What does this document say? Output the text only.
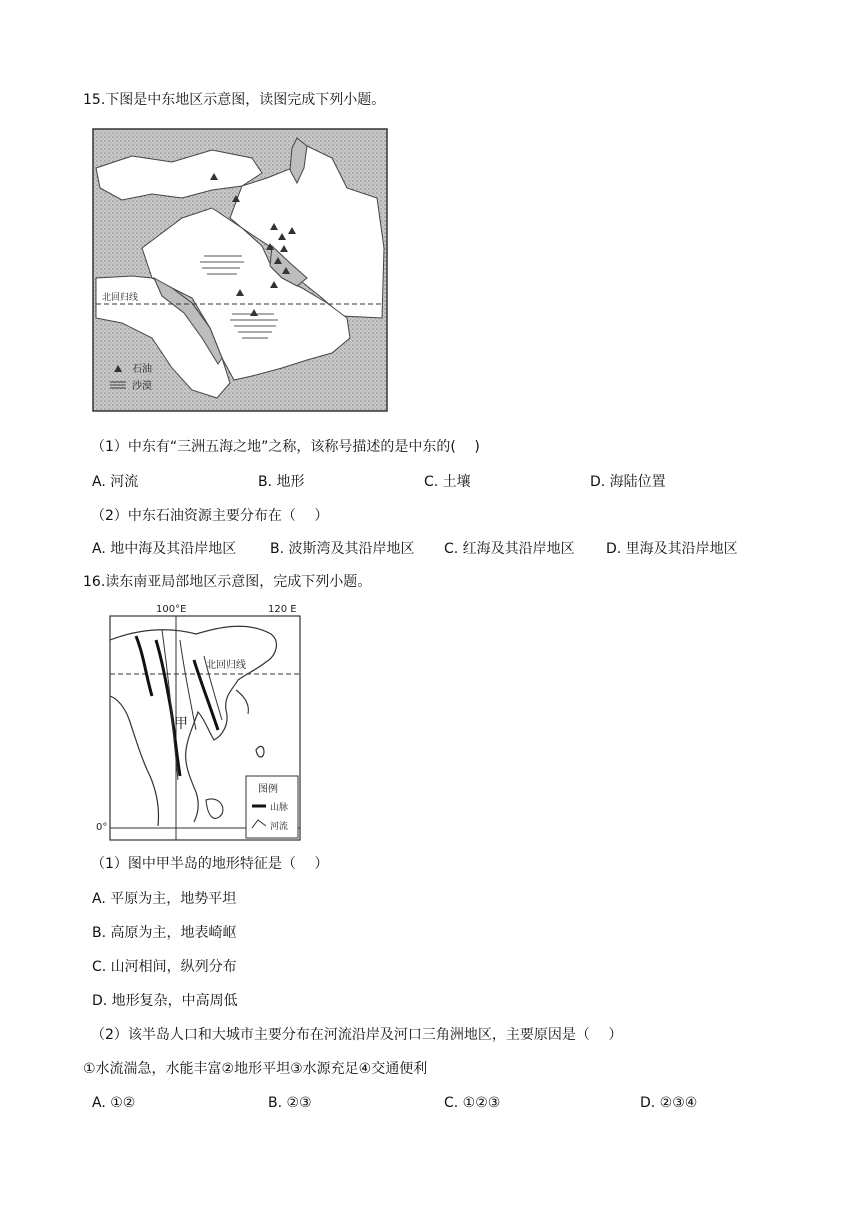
15.下图是中东地区示意图，读图完成下列小题。
北回归线
石油
沙漠
（1）中东有“三洲五海之地”之称，该称号描述的是中东的(　 )
A. 河流	B. 地形	C. 土壤	D. 海陆位置
（2）中东石油资源主要分布在（　 ）
A. 地中海及其沿岸地区 B. 波斯湾及其沿岸地区 C. 红海及其沿岸地区 D. 里海及其沿岸地区
16.读东南亚局部地区示意图，完成下列小题。
100°E	120 E
0°
北回归线
甲
图例
山脉
河流
（1）图中甲半岛的地形特征是（　 ）
A. 平原为主，地势平坦
B. 高原为主，地表崎岖
C. 山河相间，纵列分布
D. 地形复杂，中高周低
（2）该半岛人口和大城市主要分布在河流沿岸及河口三角洲地区，主要原因是（　 ）
①水流湍急，水能丰富②地形平坦③水源充足④交通便利
A. ①②	B. ②③	C. ①②③	D. ②③④
